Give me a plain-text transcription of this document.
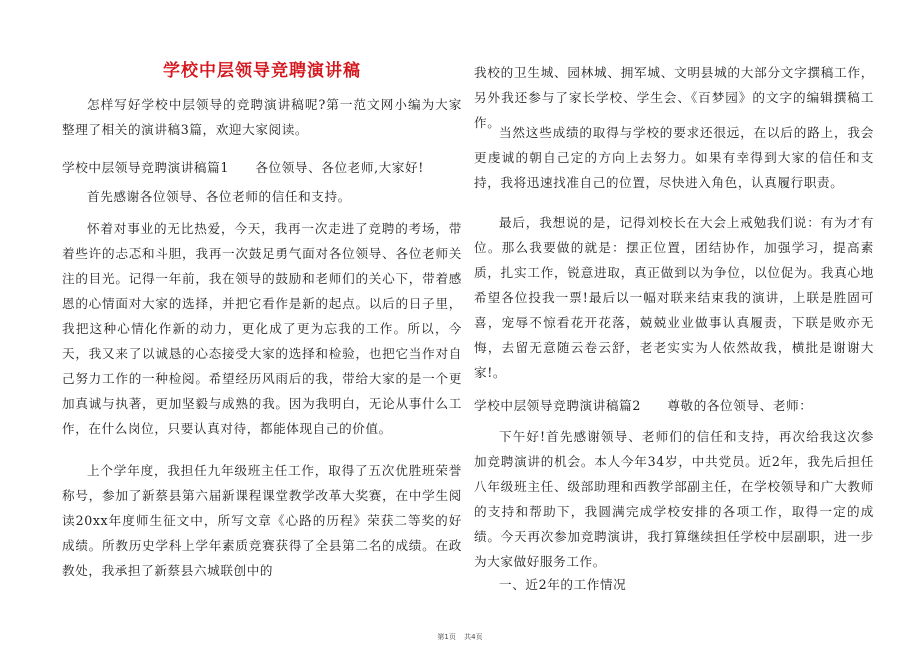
学校中层领导竞聘演讲稿

怎样写好学校中层领导的竞聘演讲稿呢?第一范文网小编为大家整理了相关的演讲稿3篇，欢迎大家阅读。

学校中层领导竞聘演讲稿篇1　　各位领导、各位老师,大家好!

首先感谢各位领导、各位老师的信任和支持。

怀着对事业的无比热爱，今天，我再一次走进了竞聘的考场，带着些许的忐忑和斗胆，我再一次鼓足勇气面对各位领导、各位老师关注的目光。记得一年前，我在领导的鼓励和老师们的关心下，带着感恩的心情面对大家的选择，并把它看作是新的起点。以后的日子里，我把这种心情化作新的动力，更化成了更为忘我的工作。所以，今天，我又来了以诚恳的心态接受大家的选择和检验，也把它当作对自己努力工作的一种检阅。希望经历风雨后的我，带给大家的是一个更加真诚与执著，更加坚毅与成熟的我。因为我明白，无论从事什么工作，在什么岗位，只要认真对待，都能体现自己的价值。

上个学年度，我担任九年级班主任工作，取得了五次优胜班荣誉称号，参加了新蔡县第六届新课程课堂教学改革大奖赛，在中学生阅读20xx年度师生征文中，所写文章《心路的历程》荣获二等奖的好成绩。所教历史学科上学年素质竞赛获得了全县第二名的成绩。在政教处，我承担了新蔡县六城联创中的

我校的卫生城、园林城、拥军城、文明县城的大部分文字撰稿工作，另外我还参与了家长学校、学生会、《百梦园》的文字的编辑撰稿工作。

当然这些成绩的取得与学校的要求还很远，在以后的路上，我会更虔诚的朝自己定的方向上去努力。如果有幸得到大家的信任和支持，我将迅速找准自己的位置，尽快进入角色，认真履行职责。

最后，我想说的是，记得刘校长在大会上戒勉我们说：有为才有位。那么我要做的就是：摆正位置，团结协作，加强学习，提高素质，扎实工作，锐意进取，真正做到以为争位，以位促为。我真心地希望各位投我一票!最后以一幅对联来结束我的演讲，上联是胜固可喜，宠辱不惊看花开花落，兢兢业业做事认真履责，下联是败亦无悔，去留无意随云卷云舒，老老实实为人依然故我，横批是谢谢大家!。

学校中层领导竞聘演讲稿篇2　　尊敬的各位领导、老师：

下午好!首先感谢领导、老师们的信任和支持，再次给我这次参加竞聘演讲的机会。本人今年34岁，中共党员。近2年，我先后担任八年级班主任、级部助理和西教学部副主任，在学校领导和广大教师的支持和帮助下，我圆满完成学校安排的各项工作，取得一定的成绩。今天再次参加竞聘演讲，我打算继续担任学校中层副职，进一步为大家做好服务工作。

一、近2年的工作情况

第1页 共4页
